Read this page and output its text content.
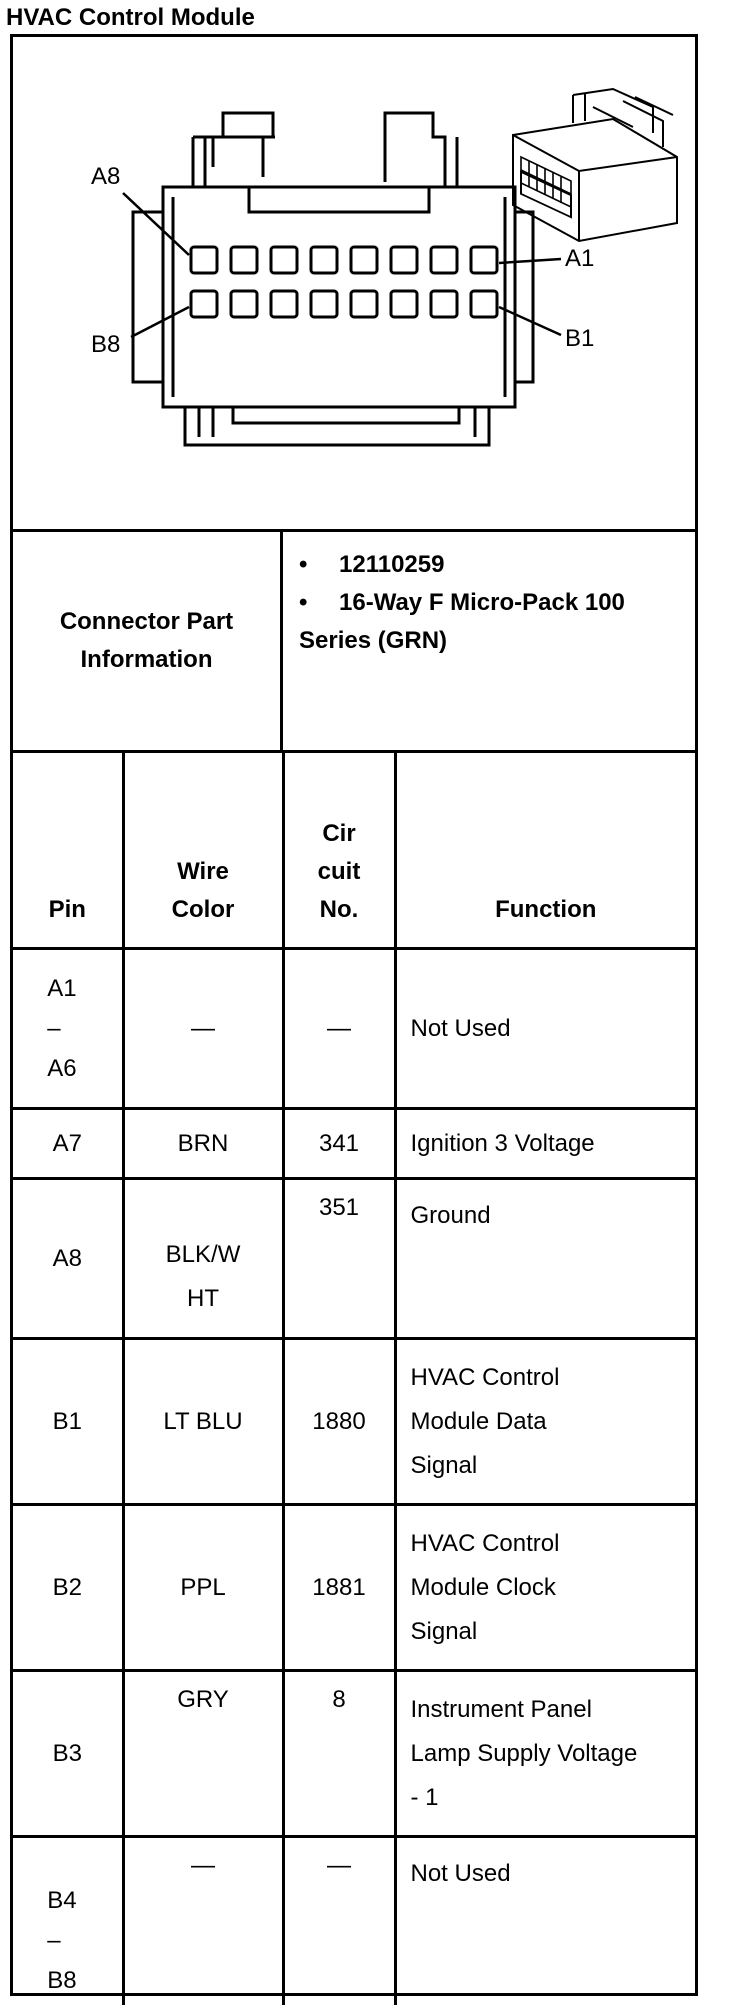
HVAC Control Module
A8
B8
A1
B1
Connector Part Information
• 12110259
• 16-Way F Micro-Pack 100 Series (GRN)
Pin	Wire Color	Cir cuit No.	Function

A1 –A6	—	—	Not Used
A7	BRN	341	Ignition 3 Voltage
A8	BLK/W HT	351	Ground
B1	LT BLU	1880	HVAC Control Module Data Signal

B2	PPL	1881	HVAC Control Module Clock Signal

B3	GRY	8	Instrument Panel Lamp Supply Voltage - 1

B4 –B8	—	—	Not Used
